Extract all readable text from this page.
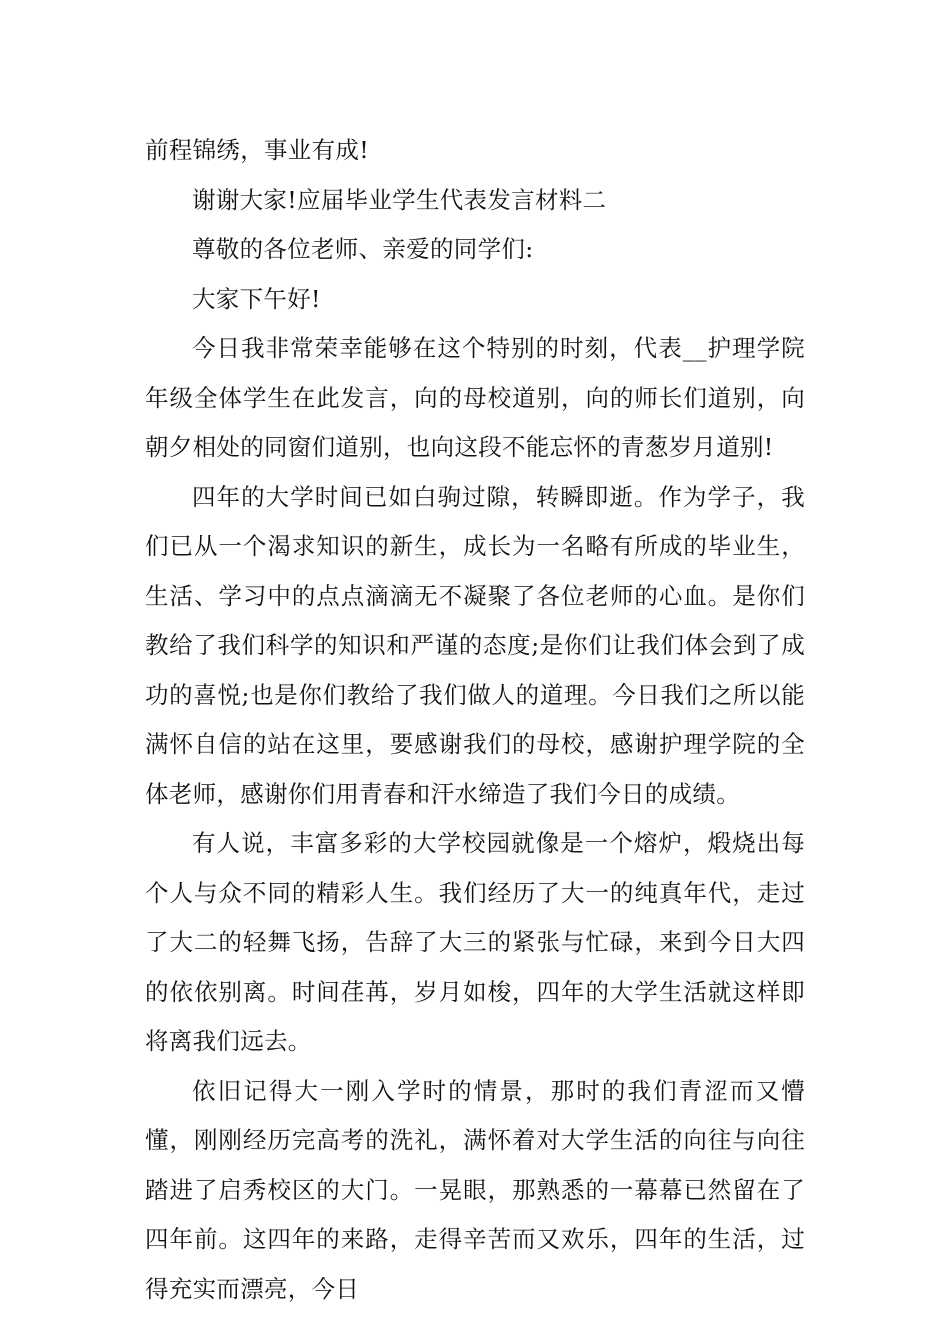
前程锦绣，事业有成!

谢谢大家!应届毕业学生代表发言材料二

尊敬的各位老师、亲爱的同学们:

大家下午好!

今日我非常荣幸能够在这个特别的时刻，代表__护理学院年级全体学生在此发言，向的母校道别，向的师长们道别，向朝夕相处的同窗们道别，也向这段不能忘怀的青葱岁月道别!

四年的大学时间已如白驹过隙，转瞬即逝。作为学子，我们已从一个渴求知识的新生，成长为一名略有所成的毕业生，生活、学习中的点点滴滴无不凝聚了各位老师的心血。是你们教给了我们科学的知识和严谨的态度;是你们让我们体会到了成功的喜悦;也是你们教给了我们做人的道理。今日我们之所以能满怀自信的站在这里，要感谢我们的母校，感谢护理学院的全体老师，感谢你们用青春和汗水缔造了我们今日的成绩。

有人说，丰富多彩的大学校园就像是一个熔炉，煅烧出每个人与众不同的精彩人生。我们经历了大一的纯真年代，走过了大二的轻舞飞扬，告辞了大三的紧张与忙碌，来到今日大四的依依别离。时间荏苒，岁月如梭，四年的大学生活就这样即将离我们远去。

依旧记得大一刚入学时的情景，那时的我们青涩而又懵懂，刚刚经历完高考的洗礼，满怀着对大学生活的向往与向往踏进了启秀校区的大门。一晃眼，那熟悉的一幕幕已然留在了四年前。这四年的来路，走得辛苦而又欢乐，四年的生活，过得充实而漂亮，今日
